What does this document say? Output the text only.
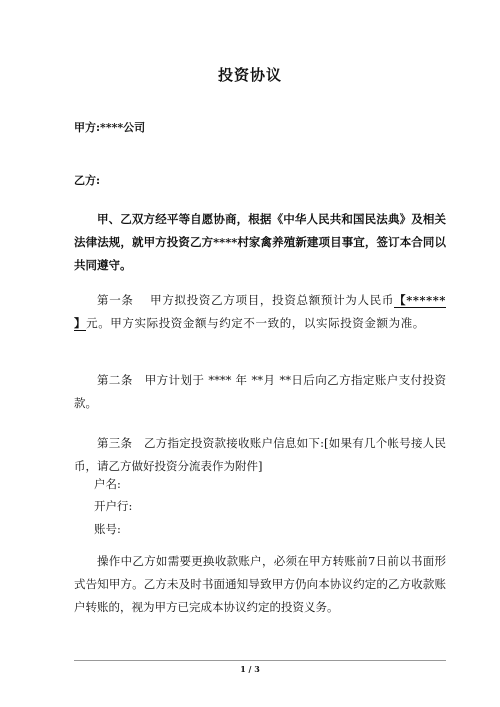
投资协议
甲方:****公司
乙方:
甲、乙双方经平等自愿协商，根据《中华人民共和国民法典》及相关法律法规，就甲方投资乙方****村家禽养殖新建项目事宜，签订本合同以共同遵守。
第一条　 甲方拟投资乙方项目，投资总额预计为人民币【****** 】元。甲方实际投资金额与约定不一致的，以实际投资金额为准。
第二条　甲方计划于 **** 年 **月 **日后向乙方指定账户支付投资款。
第三条　乙方指定投资款接收账户信息如下:[如果有几个帐号接人民币，请乙方做好投资分流表作为附件]
户名:
开户行:
账号:
操作中乙方如需要更换收款账户，必须在甲方转账前7日前以书面形式告知甲方。乙方未及时书面通知导致甲方仍向本协议约定的乙方收款账户转账的，视为甲方已完成本协议约定的投资义务。
1 / 3
